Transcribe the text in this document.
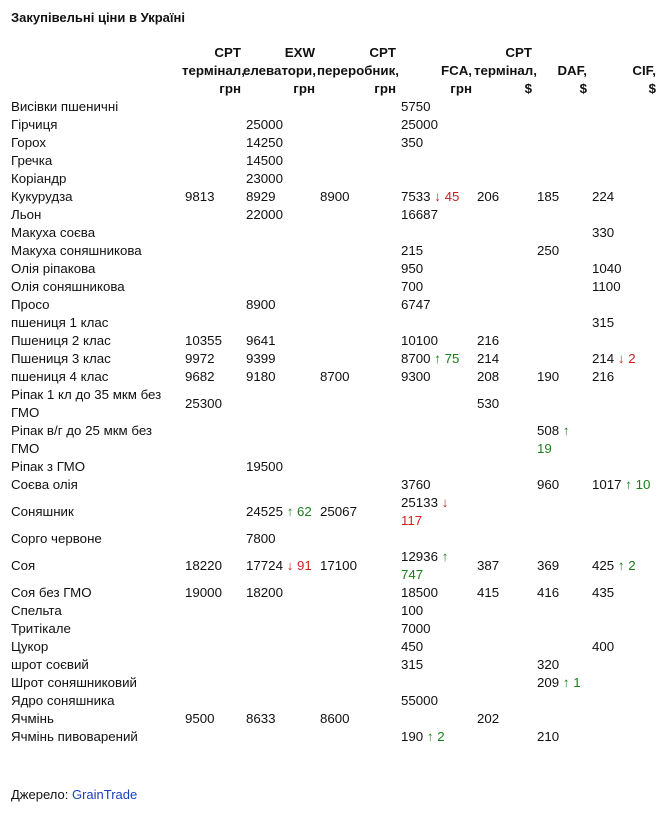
Закупівельні ціни в Україні
	CPT
термінал,
грн	EXW
елеватори,
грн	CPT
переробник,
грн	FCA,
грн	CPT
термінал,
$	DAF,
$	CIF,
$
Висівки пшеничні				5750			
Гірчиця		25000		25000			
Горох		14250		350			
Гречка		14500					
Коріандр		23000					
Кукурудза	9813	8929	8900	7533 ↓ 45	206	185	224
Льон		22000		16687			
Макуха соєва							330
Макуха соняшникова				215		250	
Олія ріпакова				950			1040
Олія соняшникова				700			1100
Просо		8900		6747			
пшениця 1 клас							315
Пшениця 2 клас	10355	9641		10100	216		
Пшениця 3 клас	9972	9399		8700 ↑ 75	214		214 ↓ 2
пшениця 4 клас	9682	9180	8700	9300	208	190	216
Ріпак 1 кл до 35 мкм без ГМО	25300				530		
Ріпак в/г до 25 мкм без ГМО						508 ↑ 19	
Ріпак з ГМО		19500					
Соєва олія				3760		960	1017 ↑ 10
Соняшник		24525 ↑ 62	25067	25133 ↓ 117			
Сорго червоне		7800					
Соя	18220	17724 ↓ 91	17100	12936 ↑ 747	387	369	425 ↑ 2
Соя без ГМО	19000	18200		18500	415	416	435
Спельта				100			
Тритікале				7000			
Цукор				450			400
шрот соєвий				315		320	
Шрот соняшниковий						209 ↑ 1	
Ядро соняшника				55000			
Ячмінь	9500	8633	8600		202		
Ячмінь пивоварений				190 ↑ 2		210	
Джерело: GrainTrade
